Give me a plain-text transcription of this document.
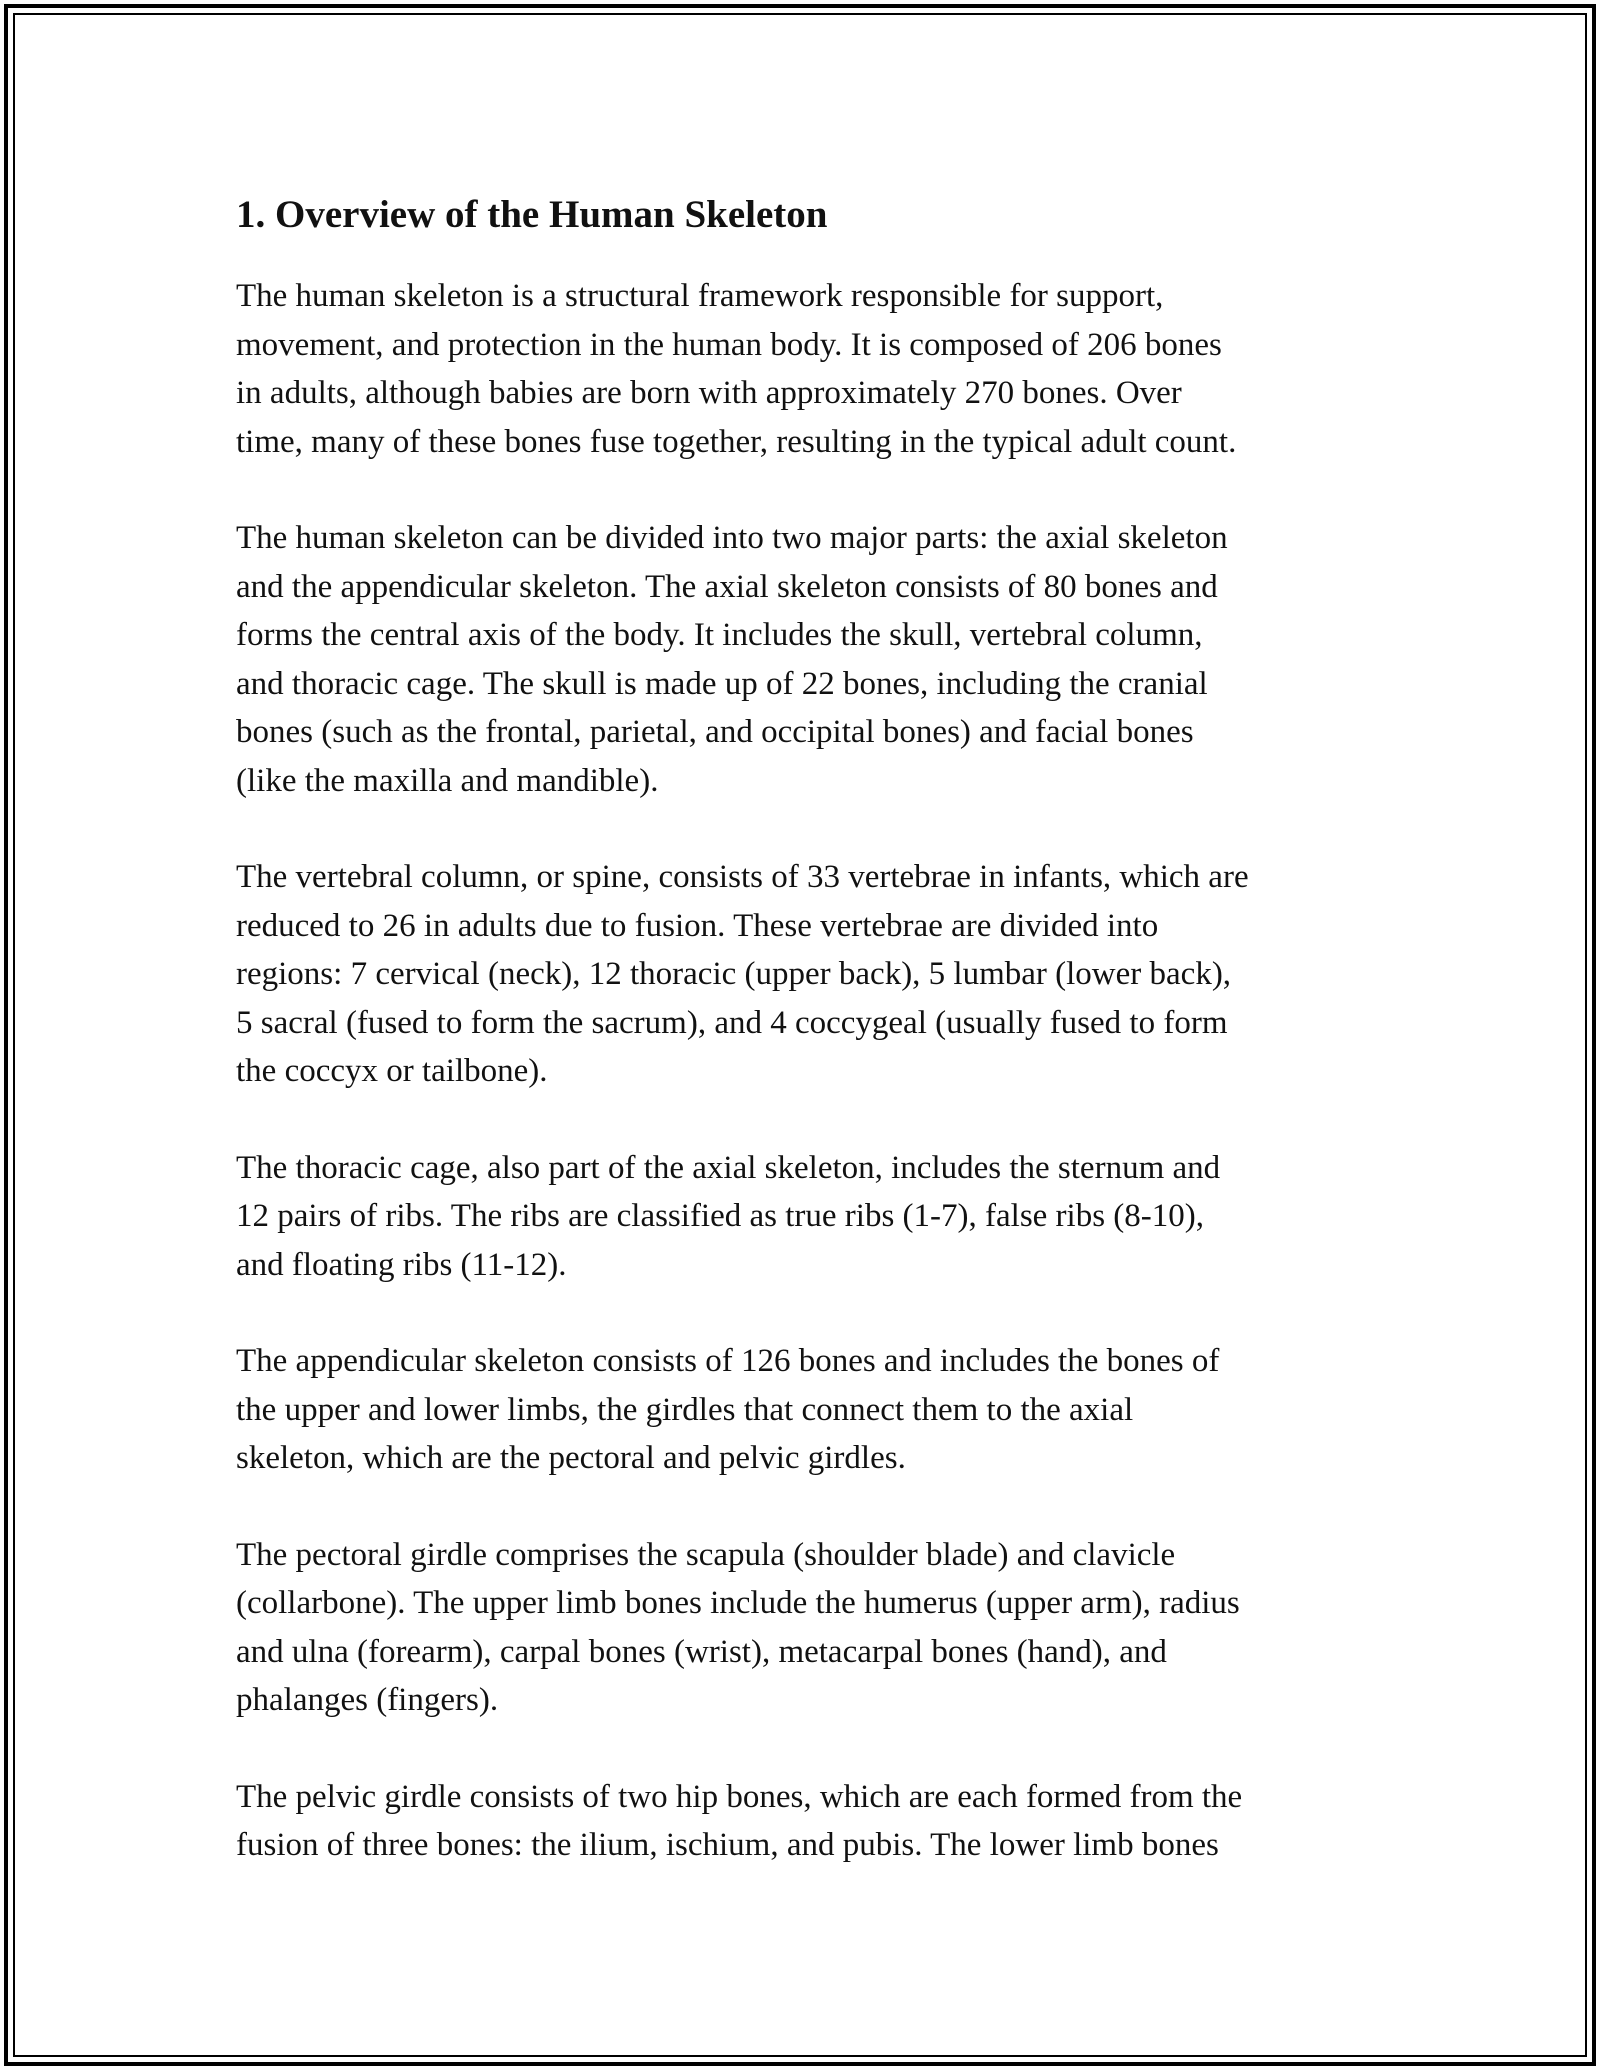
1. Overview of the Human Skeleton

The human skeleton is a structural framework responsible for support,
movement, and protection in the human body. It is composed of 206 bones
in adults, although babies are born with approximately 270 bones. Over
time, many of these bones fuse together, resulting in the typical adult count.

The human skeleton can be divided into two major parts: the axial skeleton
and the appendicular skeleton. The axial skeleton consists of 80 bones and
forms the central axis of the body. It includes the skull, vertebral column,
and thoracic cage. The skull is made up of 22 bones, including the cranial
bones (such as the frontal, parietal, and occipital bones) and facial bones
(like the maxilla and mandible).

The vertebral column, or spine, consists of 33 vertebrae in infants, which are
reduced to 26 in adults due to fusion. These vertebrae are divided into
regions: 7 cervical (neck), 12 thoracic (upper back), 5 lumbar (lower back),
5 sacral (fused to form the sacrum), and 4 coccygeal (usually fused to form
the coccyx or tailbone).

The thoracic cage, also part of the axial skeleton, includes the sternum and
12 pairs of ribs. The ribs are classified as true ribs (1-7), false ribs (8-10),
and floating ribs (11-12).

The appendicular skeleton consists of 126 bones and includes the bones of
the upper and lower limbs, the girdles that connect them to the axial
skeleton, which are the pectoral and pelvic girdles.

The pectoral girdle comprises the scapula (shoulder blade) and clavicle
(collarbone). The upper limb bones include the humerus (upper arm), radius
and ulna (forearm), carpal bones (wrist), metacarpal bones (hand), and
phalanges (fingers).

The pelvic girdle consists of two hip bones, which are each formed from the
fusion of three bones: the ilium, ischium, and pubis. The lower limb bones
